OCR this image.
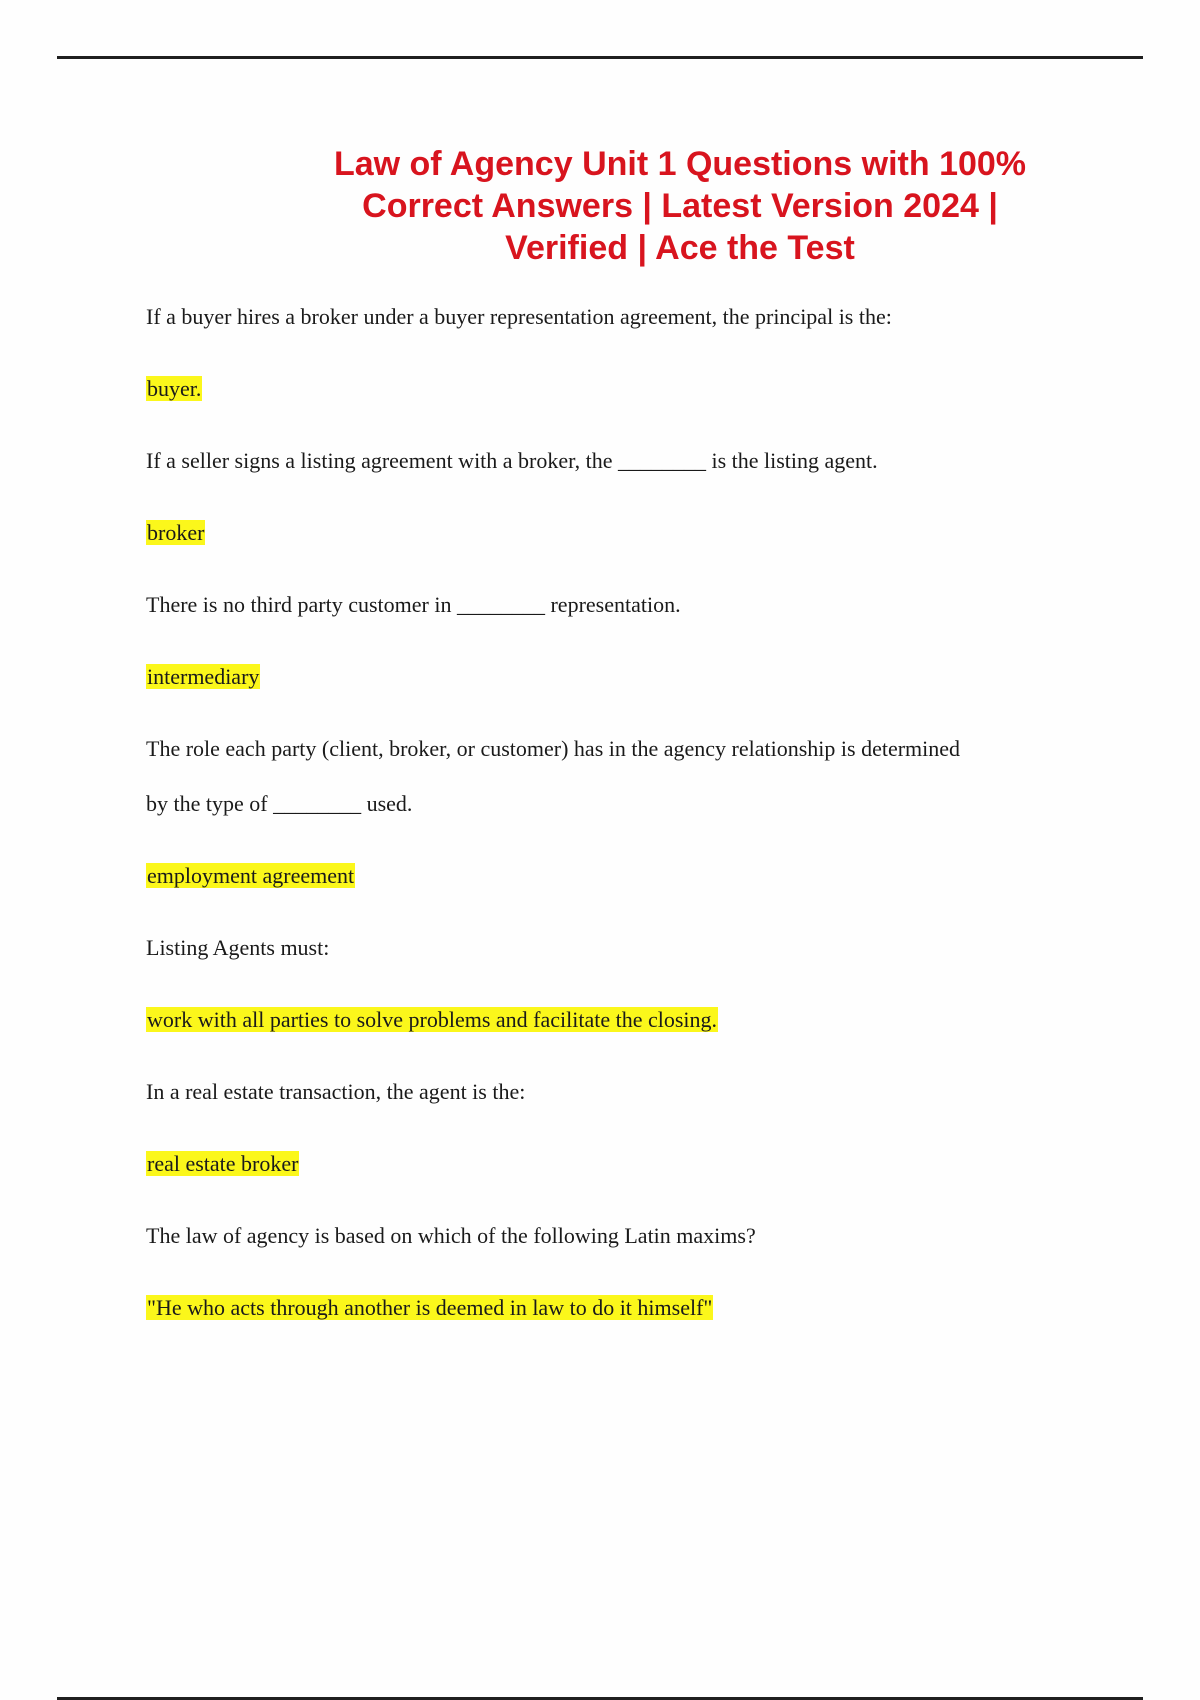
Law of Agency Unit 1 Questions with 100%
Correct Answers | Latest Version 2024 |
Verified | Ace the Test

If a buyer hires a broker under a buyer representation agreement, the principal is the:

buyer.

If a seller signs a listing agreement with a broker, the ________ is the listing agent.

broker

There is no third party customer in ________ representation.

intermediary

The role each party (client, broker, or customer) has in the agency relationship is determined

by the type of ________ used.

employment agreement

Listing Agents must:

work with all parties to solve problems and facilitate the closing.

In a real estate transaction, the agent is the:

real estate broker

The law of agency is based on which of the following Latin maxims?

"He who acts through another is deemed in law to do it himself"
